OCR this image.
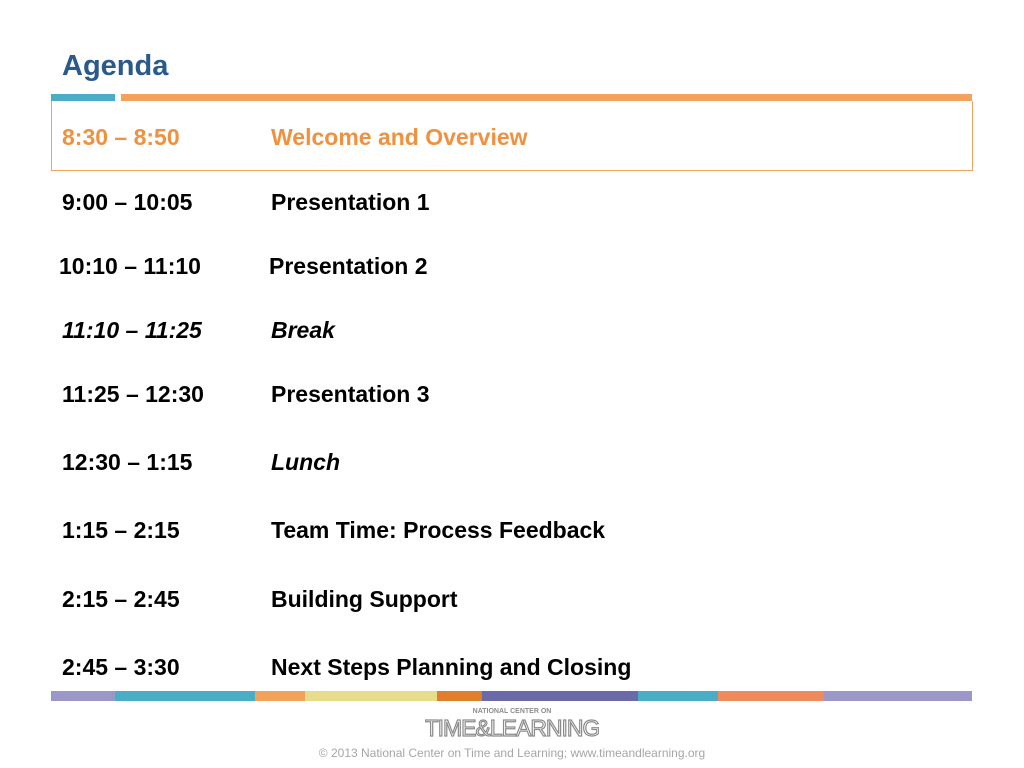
Agenda
8:30 – 8:50	Welcome and Overview
9:00 – 10:05	Presentation 1
10:10 – 11:10	Presentation 2
11:10 – 11:25	Break
11:25 – 12:30	Presentation 3
12:30 – 1:15	Lunch
1:15 – 2:15	Team Time: Process Feedback
2:15 – 2:45	Building Support
2:45 – 3:30	Next Steps Planning and Closing
NATIONAL CENTER ON
TIME&LEARNING
© 2013 National Center on Time and Learning; www.timeandlearning.org
